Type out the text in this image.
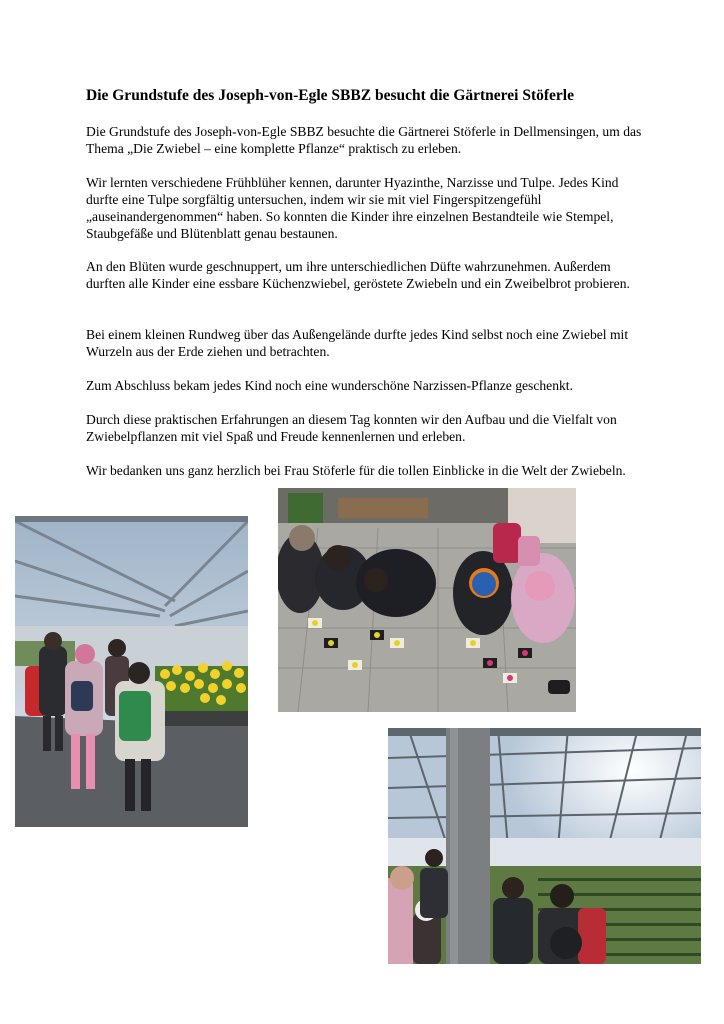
Die Grundstufe des Joseph-von-Egle SBBZ besucht die Gärtnerei Stöferle

Die Grundstufe des Joseph-von-Egle SBBZ besuchte die Gärtnerei Stöferle in Dellmensingen, um das Thema „Die Zwiebel – eine komplette Pflanze“ praktisch zu erleben.

Wir lernten verschiedene Frühblüher kennen, darunter Hyazinthe, Narzisse und Tulpe. Jedes Kind durfte eine Tulpe sorgfältig untersuchen, indem wir sie mit viel Fingerspitzengefühl „auseinandergenommen“ haben. So konnten die Kinder ihre einzelnen Bestandteile wie Stempel, Staubgefäße und Blütenblatt genau bestaunen.

An den Blüten wurde geschnuppert, um ihre unterschiedlichen Düfte wahrzunehmen. Außerdem durften alle Kinder eine essbare Küchenzwiebel, geröstete Zwiebeln und ein Zweibelbrot probieren.

Bei einem kleinen Rundweg über das Außengelände durfte jedes Kind selbst noch eine Zwiebel mit Wurzeln aus der Erde ziehen und betrachten.

Zum Abschluss bekam jedes Kind noch eine wunderschöne Narzissen-Pflanze geschenkt.

Durch diese praktischen Erfahrungen an diesem Tag konnten wir den Aufbau und die Vielfalt von Zwiebelpflanzen mit viel Spaß und Freude kennenlernen und erleben.

Wir bedanken uns ganz herzlich bei Frau Stöferle für die tollen Einblicke in die Welt der Zwiebeln.
